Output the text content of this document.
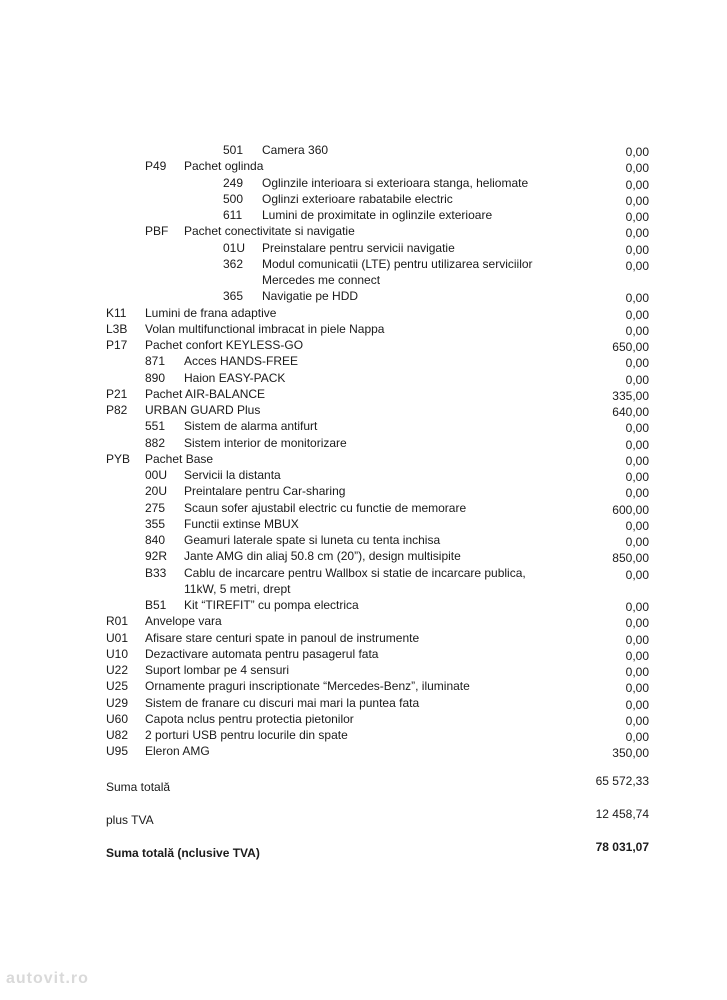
501 Camera 360	0,00
P49 Pachet oglinda	0,00
249 Oglinzile interioara si exterioara stanga, heliomate	0,00
500 Oglinzi exterioare rabatabile electric	0,00
611 Lumini de proximitate in oglinzile exterioare	0,00
PBF Pachet conectivitate si navigatie	0,00
01U Preinstalare pentru servicii navigatie	0,00
362 Modul comunicatii (LTE) pentru utilizarea serviciilor	0,00
Mercedes me connect
365 Navigatie pe HDD	0,00
K11 Lumini de frana adaptive	0,00
L3B Volan multifunctional imbracat in piele Nappa	0,00
P17 Pachet confort KEYLESS-GO	650,00
871 Acces HANDS-FREE	0,00
890 Haion EASY-PACK	0,00
P21 Pachet AIR-BALANCE	335,00
P82 URBAN GUARD Plus	640,00
551 Sistem de alarma antifurt	0,00
882 Sistem interior de monitorizare	0,00
PYB Pachet Base	0,00
00U Servicii la distanta	0,00
20U Preintalare pentru Car-sharing	0,00
275 Scaun sofer ajustabil electric cu functie de memorare	600,00
355 Functii extinse MBUX	0,00
840 Geamuri laterale spate si luneta cu tenta inchisa	0,00
92R Jante AMG din aliaj 50.8 cm (20”), design multisipite	850,00
B33 Cablu de incarcare pentru Wallbox si statie de incarcare publica,	0,00
11kW, 5 metri, drept
B51 Kit “TIREFIT” cu pompa electrica	0,00
R01 Anvelope vara	0,00
U01 Afisare stare centuri spate in panoul de instrumente	0,00
U10 Dezactivare automata pentru pasagerul fata	0,00
U22 Suport lombar pe 4 sensuri	0,00
U25 Ornamente praguri inscriptionate “Mercedes-Benz”, iluminate	0,00
U29 Sistem de franare cu discuri mai mari la puntea fata	0,00
U60 Capota nclus pentru protectia pietonilor	0,00
U82 2 porturi USB pentru locurile din spate	0,00
U95 Eleron AMG	350,00
Suma totală	65 572,33
plus TVA	12 458,74
Suma totală (nclusive TVA)	78 031,07
autovit.ro
